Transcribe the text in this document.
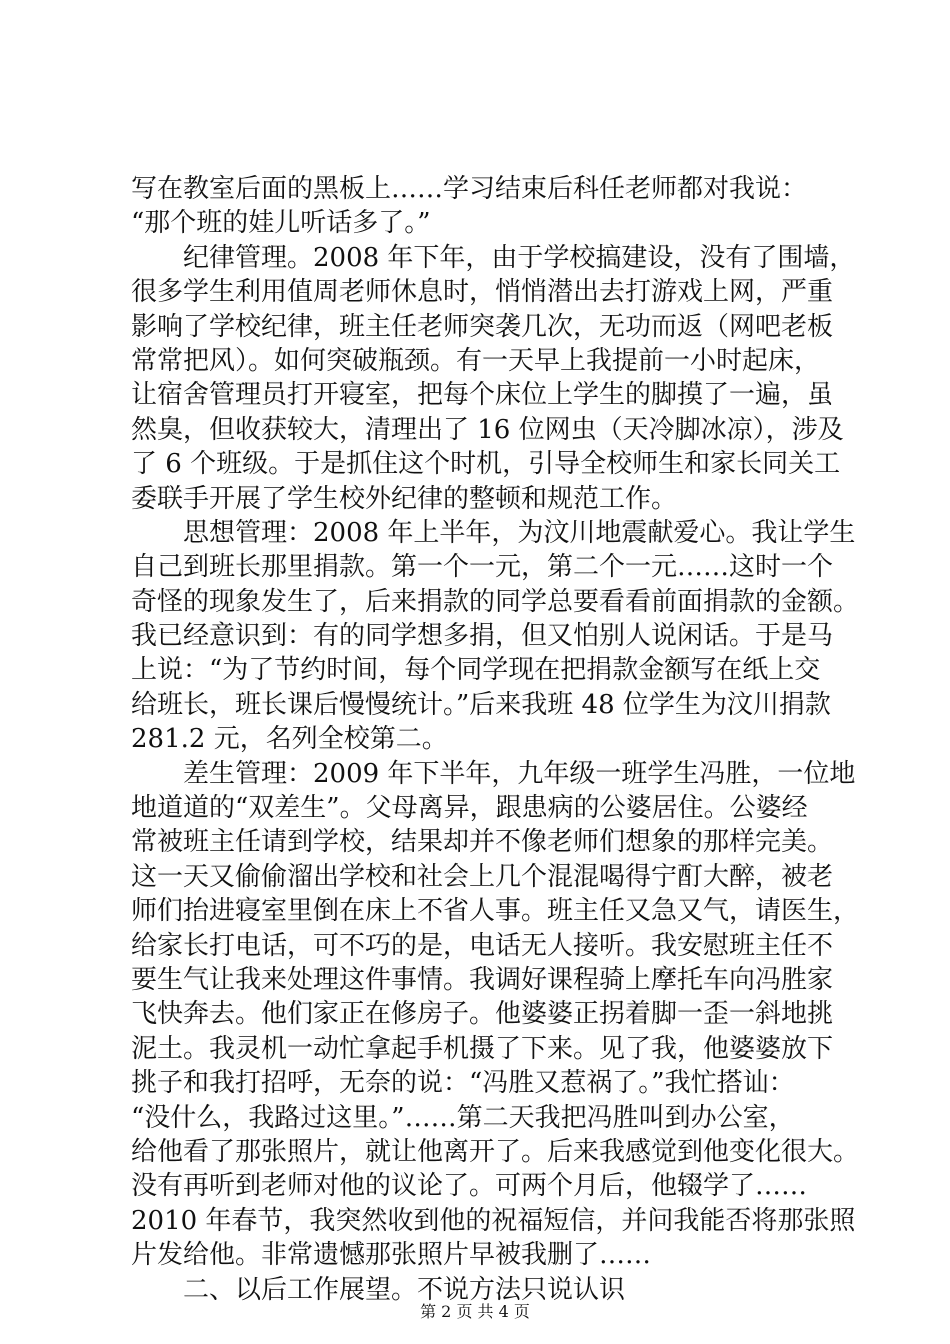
写在教室后面的黑板上……学习结束后科任老师都对我说：
“那个班的娃儿听话多了。”
纪律管理。2008 年下年，由于学校搞建设，没有了围墙，
很多学生利用值周老师休息时，悄悄潜出去打游戏上网，严重
影响了学校纪律，班主任老师突袭几次，无功而返（网吧老板
常常把风）。如何突破瓶颈。有一天早上我提前一小时起床，
让宿舍管理员打开寝室，把每个床位上学生的脚摸了一遍，虽
然臭，但收获较大，清理出了 16 位网虫（天冷脚冰凉），涉及
了 6 个班级。于是抓住这个时机，引导全校师生和家长同关工
委联手开展了学生校外纪律的整顿和规范工作。
思想管理：2008 年上半年，为汶川地震献爱心。我让学生
自己到班长那里捐款。第一个一元，第二个一元……这时一个
奇怪的现象发生了，后来捐款的同学总要看看前面捐款的金额。
我已经意识到：有的同学想多捐，但又怕别人说闲话。于是马
上说：“为了节约时间，每个同学现在把捐款金额写在纸上交
给班长，班长课后慢慢统计。”后来我班 48 位学生为汶川捐款
281.2 元，名列全校第二。
差生管理：2009 年下半年，九年级一班学生冯胜，一位地
地道道的“双差生”。父母离异，跟患病的公婆居住。公婆经
常被班主任请到学校，结果却并不像老师们想象的那样完美。
这一天又偷偷溜出学校和社会上几个混混喝得宁酊大醉，被老
师们抬进寝室里倒在床上不省人事。班主任又急又气，请医生，
给家长打电话，可不巧的是，电话无人接听。我安慰班主任不
要生气让我来处理这件事情。我调好课程骑上摩托车向冯胜家
飞快奔去。他们家正在修房子。他婆婆正拐着脚一歪一斜地挑
泥土。我灵机一动忙拿起手机摄了下来。见了我，他婆婆放下
挑子和我打招呼，无奈的说：“冯胜又惹祸了。”我忙搭讪：
“没什么，我路过这里。”……第二天我把冯胜叫到办公室，
给他看了那张照片，就让他离开了。后来我感觉到他变化很大。
没有再听到老师对他的议论了。可两个月后，他辍学了……
2010 年春节，我突然收到他的祝福短信，并问我能否将那张照
片发给他。非常遗憾那张照片早被我删了……
二、以后工作展望。不说方法只说认识
第 2 页 共 4 页
